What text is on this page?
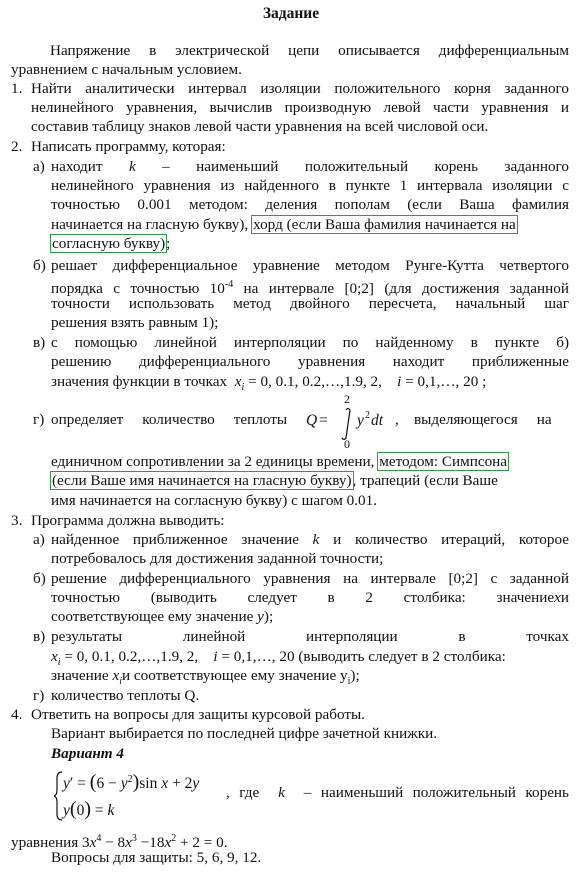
Задание
Напряжение в электрической цепи описывается дифференциальным
уравнением с начальным условием.
1. Найти аналитически интервал изоляции положительного корня заданного нелинейного уравнения, вычислив производную левой части уравнения и составив таблицу знаков левой части уравнения на всей числовой оси.
2. Написать программу, которая:
а) находит k – наименьший положительный корень заданного
нелинейного уравнения из найденного в пункте 1 интервала изоляции с
точностью 0.001 методом: деления пополам (если Ваша фамилия
начинается на гласную букву), хорд (если Ваша фамилия начинается на
согласную букву);
б) решает дифференциальное уравнение методом Рунге-Кутта четвертого
порядка с точностью $10^{-4}$ на интервале [0;2] (для достижения заданной
точности использовать метод двойного пересчета, начальный шаг
решения взять равным 1);
в) с помощью линейной интерполяции по найденному в пункте б)
решению дифференциального уравнения находит приближенные
значения функции в точках $x_i = 0$, 0.1, 0.2,…,1.9, 2,    i = 0,1,…, 20 ;
г) определяет     количество     теплоты Q =
2
0
y 2 dt ,    выделяющегося     на
единичном сопротивлении за 2 единицы времени, методом: Симпсона
(если Ваше имя начинается на гласную букву), трапеций (если Ваше
имя начинается на согласную букву) с шагом 0.01.
3. Программа должна выводить:
а) найденное приближенное значение k и количество итераций, которое
потребовалось для достижения заданной точности;
б) решение дифференциального уравнения на интервале [0;2] с заданной
точностью  (выводить  следует  в  2  столбика:  значениеxи
соответствующее ему значение y);
в) результаты линейной интерполяции в точках
$x_i = 0$, 0.1, 0.2,…,1.9, 2,    i = 0,1,…, 20 (выводить следует в 2 столбика:
значение $x_iи$ соответствующее ему значение $y_i$);
г) количество теплоты Q.
4. Ответить на вопросы для защиты курсовой работы.
Вариант выбирается по последней цифре зачетной книжки.
Вариант 4
$y' = (6 - y^2)\sin$ x + 2y
y(0) = k
, где  k  – наименьший положительный корень
уравнения $3x^4 - 8x^3 -18x^2 + 2 = 0$.
Вопросы для защиты: 5, 6, 9, 12.
